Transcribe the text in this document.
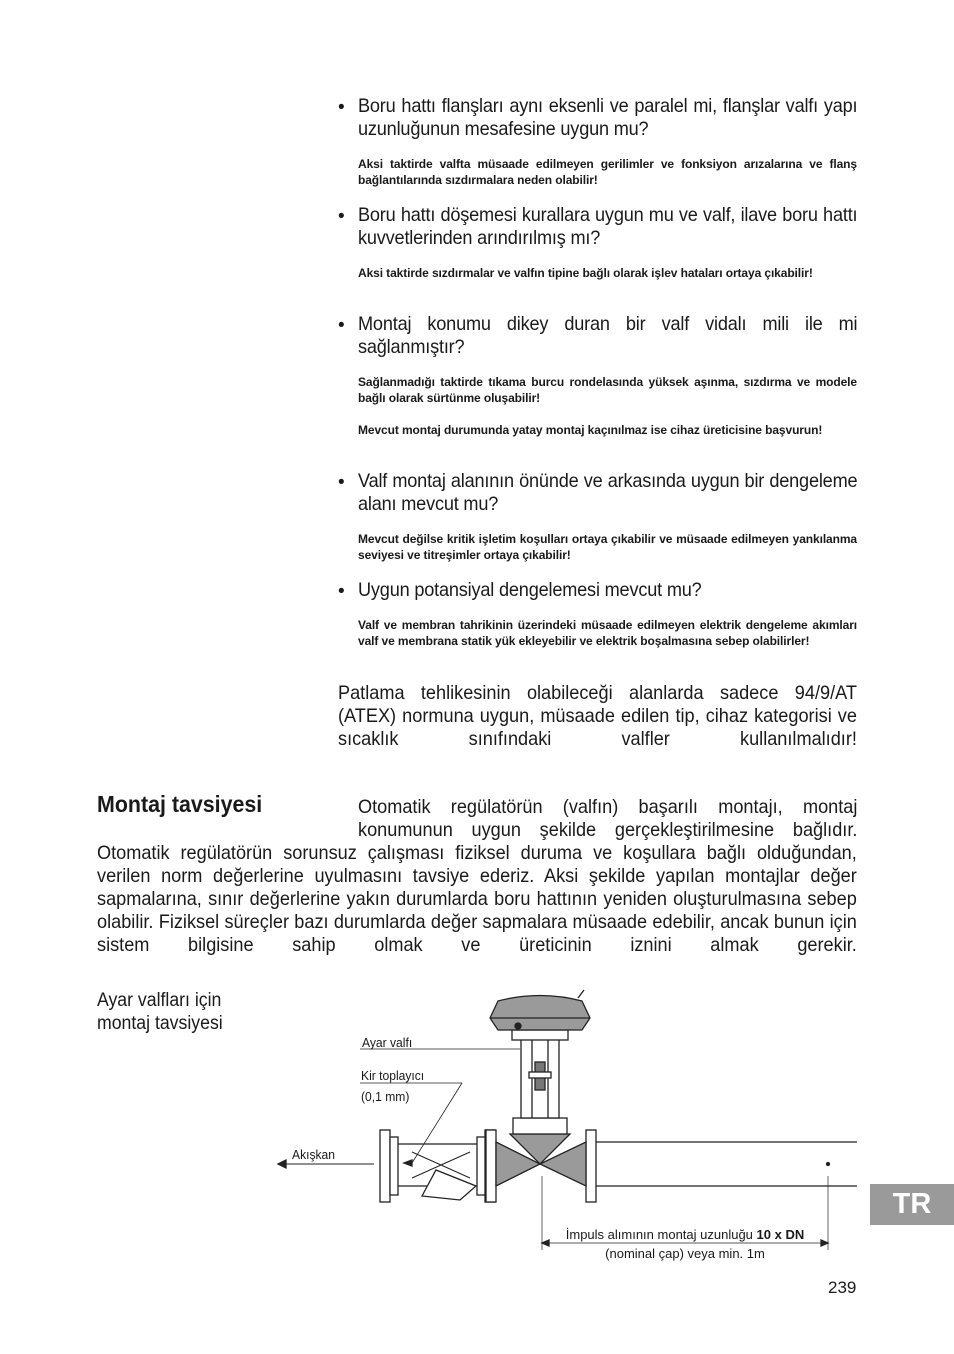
• Boru hattı flanşları aynı eksenli ve paralel mi, flanşlar valfı yapı uzunluğunun mesafesine uygun mu?
Aksi taktirde valfta müsaade edilmeyen gerilimler ve fonksiyon arızalarına ve flanş bağlantılarında sızdırmalara neden olabilir!
• Boru hattı döşemesi kurallara uygun mu ve valf, ilave boru hattı kuvvetlerinden arındırılmış mı?
Aksi taktirde sızdırmalar ve valfın tipine bağlı olarak işlev hataları ortaya çıkabilir!
• Montaj konumu dikey duran bir valf vidalı mili ile mi sağlanmıştır?
Sağlanmadığı taktirde tıkama burcu rondelasında yüksek aşınma, sızdırma ve modele bağlı olarak sürtünme oluşabilir!
Mevcut montaj durumunda yatay montaj kaçınılmaz ise cihaz üreticisine başvurun!
• Valf montaj alanının önünde ve arkasında uygun bir dengeleme alanı mevcut mu?
Mevcut değilse kritik işletim koşulları ortaya çıkabilir ve müsaade edilmeyen yankılanma seviyesi ve titreşimler ortaya çıkabilir!
• Uygun potansiyal dengelemesi mevcut mu?
Valf ve membran tahrikinin üzerindeki müsaade edilmeyen elektrik dengeleme akımları valf ve membrana statik yük ekleyebilir ve elektrik boşalmasına sebep olabilirler!
Patlama tehlikesinin olabileceği alanlarda sadece 94/9/AT (ATEX) normuna uygun, müsaade edilen tip, cihaz kategorisi ve sıcaklık sınıfındaki valfler kullanılmalıdır!
Montaj tavsiyesi	Otomatik regülatörün (valfın) başarılı montajı, montaj
konumunun uygun şekilde gerçekleştirilmesine bağlıdır.
Otomatik regülatörün sorunsuz çalışması fiziksel duruma ve koşullara bağlı olduğundan, verilen norm değerlerine uyulmasını tavsiye ederiz. Aksi şekilde yapılan montajlar değer sapmalarına, sınır değerlerine yakın durumlarda boru hattının yeniden oluşturulmasına sebep olabilir. Fiziksel süreçler bazı durumlarda değer sapmalara müsaade edebilir, ancak bunun için sistem bilgisine sahip olmak ve üreticinin iznini almak gerekir.
Ayar valfları için
montaj tavsiyesi
Ayar valfı
Kir toplayıcı
(0,1 mm)
Akışkan
İmpuls alımının montaj uzunluğu 10 x DN
(nominal çap) veya min. 1m
TR
239
